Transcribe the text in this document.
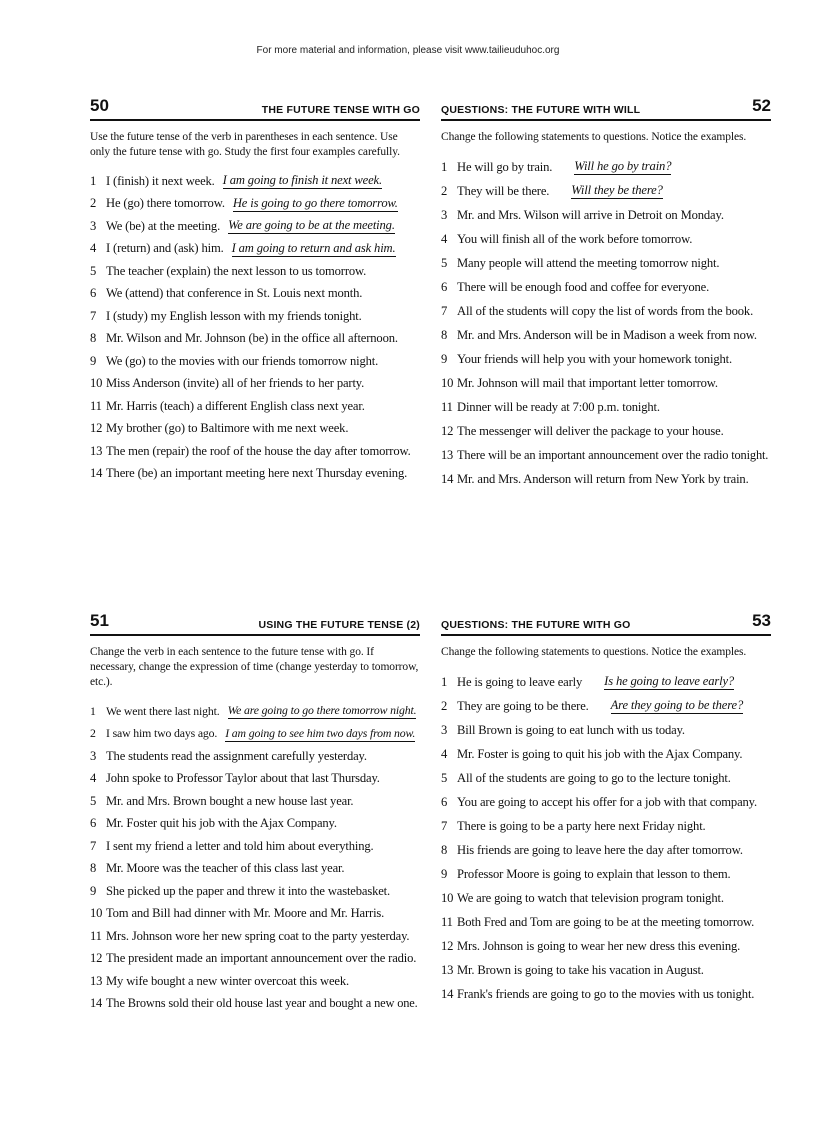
For more material and information, please visit www.tailieuduhoc.org
50	THE FUTURE TENSE WITH GO

Use the future tense of the verb in parentheses in each sentence. Use only the future tense with go. Study the first four examples carefully.

1 I (finish) it next week. I am going to finish it next week.
2 He (go) there tomorrow. He is going to go there tomorrow.
3 We (be) at the meeting. We are going to be at the meeting.
4 I (return) and (ask) him. I am going to return and ask him.
5 The teacher (explain) the next lesson to us tomorrow.
6 We (attend) that conference in St. Louis next month.
7 I (study) my English lesson with my friends tonight.
8 Mr. Wilson and Mr. Johnson (be) in the office all afternoon.
9 We (go) to the movies with our friends tomorrow night.
10 Miss Anderson (invite) all of her friends to her party.
11 Mr. Harris (teach) a different English class next year.
12 My brother (go) to Baltimore with me next week.
13 The men (repair) the roof of the house the day after tomorrow.
14 There (be) an important meeting here next Thursday evening.
QUESTIONS: THE FUTURE WITH WILL	52

Change the following statements to questions. Notice the examples.

1 He will go by train. Will he go by train?
2 They will be there. Will they be there?
3 Mr. and Mrs. Wilson will arrive in Detroit on Monday.
4 You will finish all of the work before tomorrow.
5 Many people will attend the meeting tomorrow night.
6 There will be enough food and coffee for everyone.
7 All of the students will copy the list of words from the book.
8 Mr. and Mrs. Anderson will be in Madison a week from now.
9 Your friends will help you with your homework tonight.
10 Mr. Johnson will mail that important letter tomorrow.
11 Dinner will be ready at 7:00 p.m. tonight.
12 The messenger will deliver the package to your house.
13 There will be an important announcement over the radio tonight.
14 Mr. and Mrs. Anderson will return from New York by train.
51	USING THE FUTURE TENSE (2)

Change the verb in each sentence to the future tense with go. If necessary, change the expression of time (change yesterday to tomorrow, etc.).

1 We went there last night. We are going to go there tomorrow night.
2 I saw him two days ago. I am going to see him two days from now.
3 The students read the assignment carefully yesterday.
4 John spoke to Professor Taylor about that last Thursday.
5 Mr. and Mrs. Brown bought a new house last year.
6 Mr. Foster quit his job with the Ajax Company.
7 I sent my friend a letter and told him about everything.
8 Mr. Moore was the teacher of this class last year.
9 She picked up the paper and threw it into the wastebasket.
10 Tom and Bill had dinner with Mr. Moore and Mr. Harris.
11 Mrs. Johnson wore her new spring coat to the party yesterday.
12 The president made an important announcement over the radio.
13 My wife bought a new winter overcoat this week.
14 The Browns sold their old house last year and bought a new one.
QUESTIONS: THE FUTURE WITH GO	53

Change the following statements to questions. Notice the examples.

1 He is going to leave early Is he going to leave early?
2 They are going to be there. Are they going to be there?
3 Bill Brown is going to eat lunch with us today.
4 Mr. Foster is going to quit his job with the Ajax Company.
5 All of the students are going to go to the lecture tonight.
6 You are going to accept his offer for a job with that company.
7 There is going to be a party here next Friday night.
8 His friends are going to leave here the day after tomorrow.
9 Professor Moore is going to explain that lesson to them.
10 We are going to watch that television program tonight.
11 Both Fred and Tom are going to be at the meeting tomorrow.
12 Mrs. Johnson is going to wear her new dress this evening.
13 Mr. Brown is going to take his vacation in August.
14 Frank's friends are going to go to the movies with us tonight.
